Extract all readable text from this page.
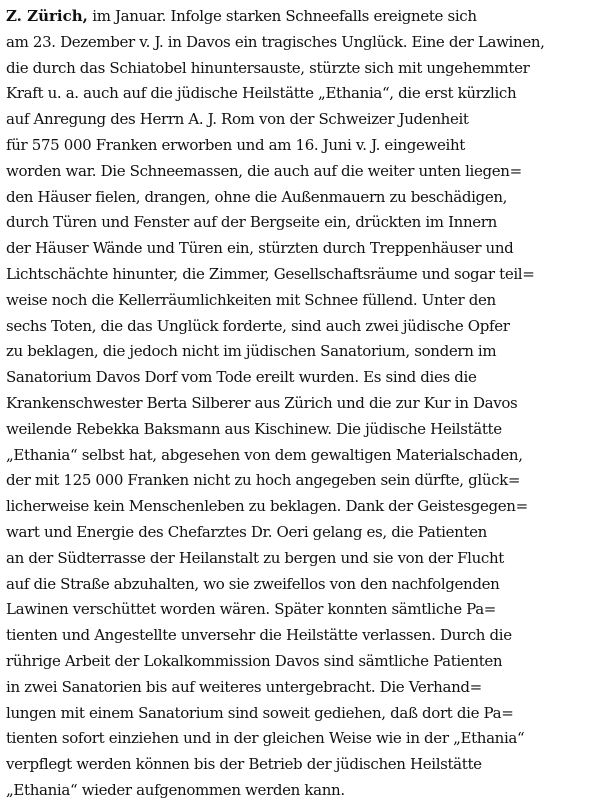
Z. Zürich, im Januar. Infolge starken Schneefalls ereignete sich
am 23. Dezember v. J. in Davos ein tragisches Unglück. Eine der Lawinen,
die durch das Schiatobel hinuntersauste, stürzte sich mit ungehemmter
Kraft u. a. auch auf die jüdische Heilstätte „Ethania“, die erst kürzlich
auf Anregung des Herrn A. J. Rom von der Schweizer Judenheit
für 575 000 Franken erworben und am 16. Juni v. J. eingeweiht
worden war. Die Schneemassen, die auch auf die weiter unten liegen=
den Häuser fielen, drangen, ohne die Außenmauern zu beschädigen,
durch Türen und Fenster auf der Bergseite ein, drückten im Innern
der Häuser Wände und Türen ein, stürzten durch Treppenhäuser und
Lichtschächte hinunter, die Zimmer, Gesellschaftsräume und sogar teil=
weise noch die Kellerräumlichkeiten mit Schnee füllend. Unter den
sechs Toten, die das Unglück forderte, sind auch zwei jüdische Opfer
zu beklagen, die jedoch nicht im jüdischen Sanatorium, sondern im
Sanatorium Davos Dorf vom Tode ereilt wurden. Es sind dies die
Krankenschwester Berta Silberer aus Zürich und die zur Kur in Davos
weilende Rebekka Baksmann aus Kischinew. Die jüdische Heilstätte
„Ethania“ selbst hat, abgesehen von dem gewaltigen Materialschaden,
der mit 125 000 Franken nicht zu hoch angegeben sein dürfte, glück=
licherweise kein Menschenleben zu beklagen. Dank der Geistesgegen=
wart und Energie des Chefarztes Dr. Oeri gelang es, die Patienten
an der Südterrasse der Heilanstalt zu bergen und sie von der Flucht
auf die Straße abzuhalten, wo sie zweifellos von den nachfolgenden
Lawinen verschüttet worden wären. Später konnten sämtliche Pa=
tienten und Angestellte unversehr die Heilstätte verlassen. Durch die
rührige Arbeit der Lokalkommission Davos sind sämtliche Patienten
in zwei Sanatorien bis auf weiteres untergebracht. Die Verhand=
lungen mit einem Sanatorium sind soweit gediehen, daß dort die Pa=
tienten sofort einziehen und in der gleichen Weise wie in der „Ethania“
verpflegt werden können bis der Betrieb der jüdischen Heilstätte
„Ethania“ wieder aufgenommen werden kann.
